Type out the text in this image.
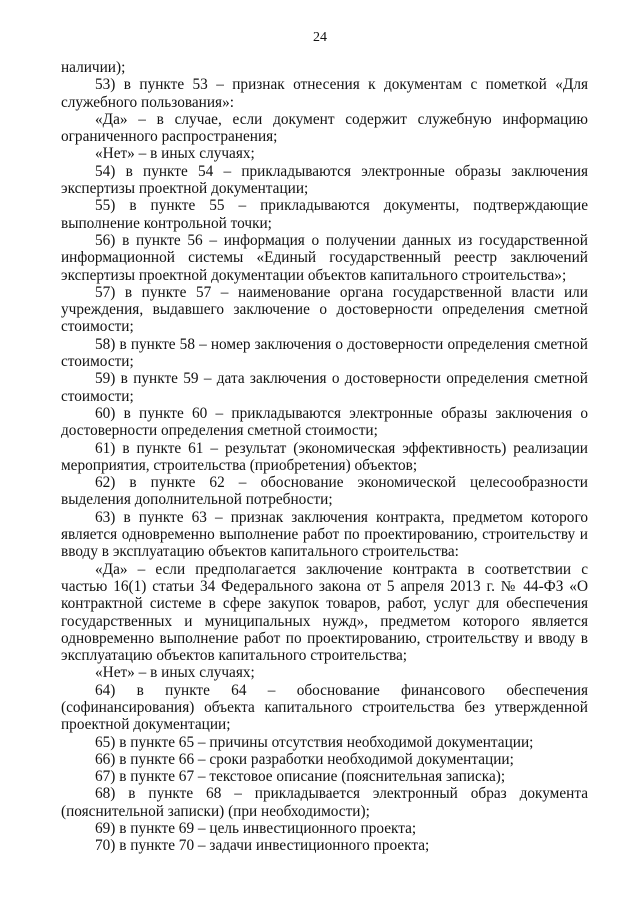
24

наличии);

53) в пункте 53 – признак отнесения к документам с пометкой «Для служебного пользования»:

«Да» – в случае, если документ содержит служебную информацию ограниченного распространения;

«Нет» – в иных случаях;

54) в пункте 54 – прикладываются электронные образы заключения экспертизы проектной документации;

55) в пункте 55 – прикладываются документы, подтверждающие выполнение контрольной точки;

56) в пункте 56 – информация о получении данных из государственной информационной системы «Единый государственный реестр заключений экспертизы проектной документации объектов капитального строительства»;

57) в пункте 57 – наименование органа государственной власти или учреждения, выдавшего заключение о достоверности определения сметной стоимости;

58) в пункте 58 – номер заключения о достоверности определения сметной стоимости;

59) в пункте 59 – дата заключения о достоверности определения сметной стоимости;

60) в пункте 60 – прикладываются электронные образы заключения о достоверности определения сметной стоимости;

61) в пункте 61 – результат (экономическая эффективность) реализации мероприятия, строительства (приобретения) объектов;

62) в пункте 62 – обоснование экономической целесообразности выделения дополнительной потребности;

63) в пункте 63 – признак заключения контракта, предметом которого является одновременно выполнение работ по проектированию, строительству и вводу в эксплуатацию объектов капитального строительства:

«Да» – если предполагается заключение контракта в соответствии с частью 16(1) статьи 34 Федерального закона от 5 апреля 2013 г. № 44-ФЗ «О контрактной системе в сфере закупок товаров, работ, услуг для обеспечения государственных и муниципальных нужд», предметом которого является одновременно выполнение работ по проектированию, строительству и вводу в эксплуатацию объектов капитального строительства;

«Нет» – в иных случаях;

64) в пункте 64 – обоснование финансового обеспечения (софинансирования) объекта капитального строительства без утвержденной проектной документации;

65) в пункте 65 – причины отсутствия необходимой документации;

66) в пункте 66 – сроки разработки необходимой документации;

67) в пункте 67 – текстовое описание (пояснительная записка);

68) в пункте 68 – прикладывается электронный образ документа (пояснительной записки) (при необходимости);

69) в пункте 69 – цель инвестиционного проекта;

70) в пункте 70 – задачи инвестиционного проекта;
